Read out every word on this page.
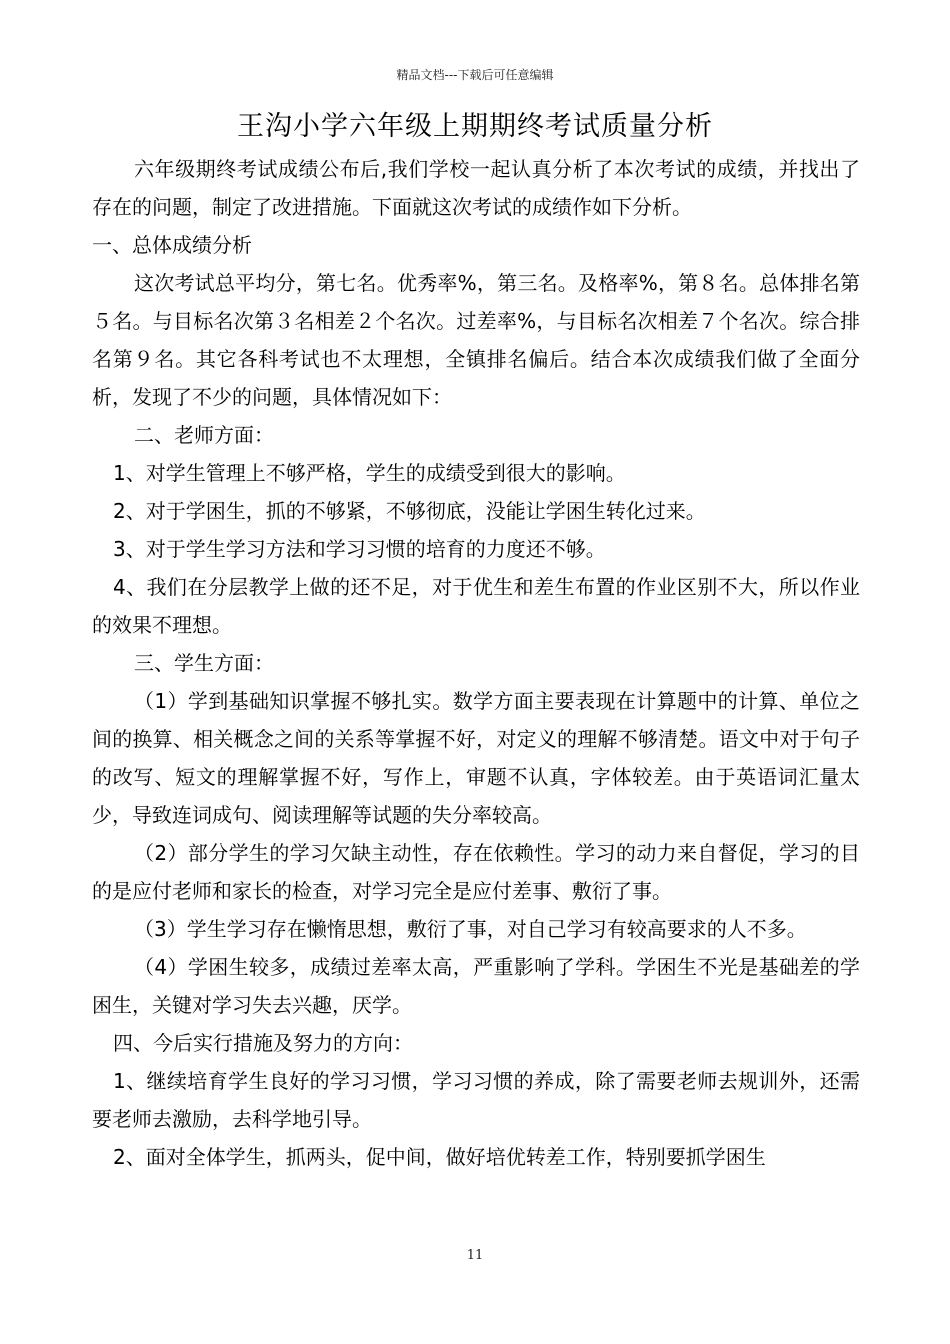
精品文档---下载后可任意编辑
王沟小学六年级上期期终考试质量分析

六年级期终考试成绩公布后,我们学校一起认真分析了本次考试的成绩，并找出了存在的问题，制定了改进措施。下面就这次考试的成绩作如下分析。

一、总体成绩分析

这次考试总平均分，第七名。优秀率%，第三名。及格率%，第８名。总体排名第５名。与目标名次第３名相差２个名次。过差率%，与目标名次相差７个名次。综合排名第９名。其它各科考试也不太理想，全镇排名偏后。结合本次成绩我们做了全面分析，发现了不少的问题，具体情况如下：

二、老师方面：

1、对学生管理上不够严格，学生的成绩受到很大的影响。

2、对于学困生，抓的不够紧，不够彻底，没能让学困生转化过来。

3、对于学生学习方法和学习习惯的培育的力度还不够。

4、我们在分层教学上做的还不足，对于优生和差生布置的作业区别不大，所以作业的效果不理想。

三、学生方面：

（1）学到基础知识掌握不够扎实。数学方面主要表现在计算题中的计算、单位之间的换算、相关概念之间的关系等掌握不好，对定义的理解不够清楚。语文中对于句子的改写、短文的理解掌握不好，写作上，审题不认真，字体较差。由于英语词汇量太少，导致连词成句、阅读理解等试题的失分率较高。

（2）部分学生的学习欠缺主动性，存在依赖性。学习的动力来自督促，学习的目的是应付老师和家长的检查，对学习完全是应付差事、敷衍了事。

（3）学生学习存在懒惰思想，敷衍了事，对自己学习有较高要求的人不多。

（4）学困生较多，成绩过差率太高，严重影响了学科。学困生不光是基础差的学困生，关键对学习失去兴趣，厌学。

四、今后实行措施及努力的方向：

1、继续培育学生良好的学习习惯，学习习惯的养成，除了需要老师去规训外，还需要老师去激励，去科学地引导。

2、面对全体学生，抓两头，促中间，做好培优转差工作，特别要抓学困生

11
